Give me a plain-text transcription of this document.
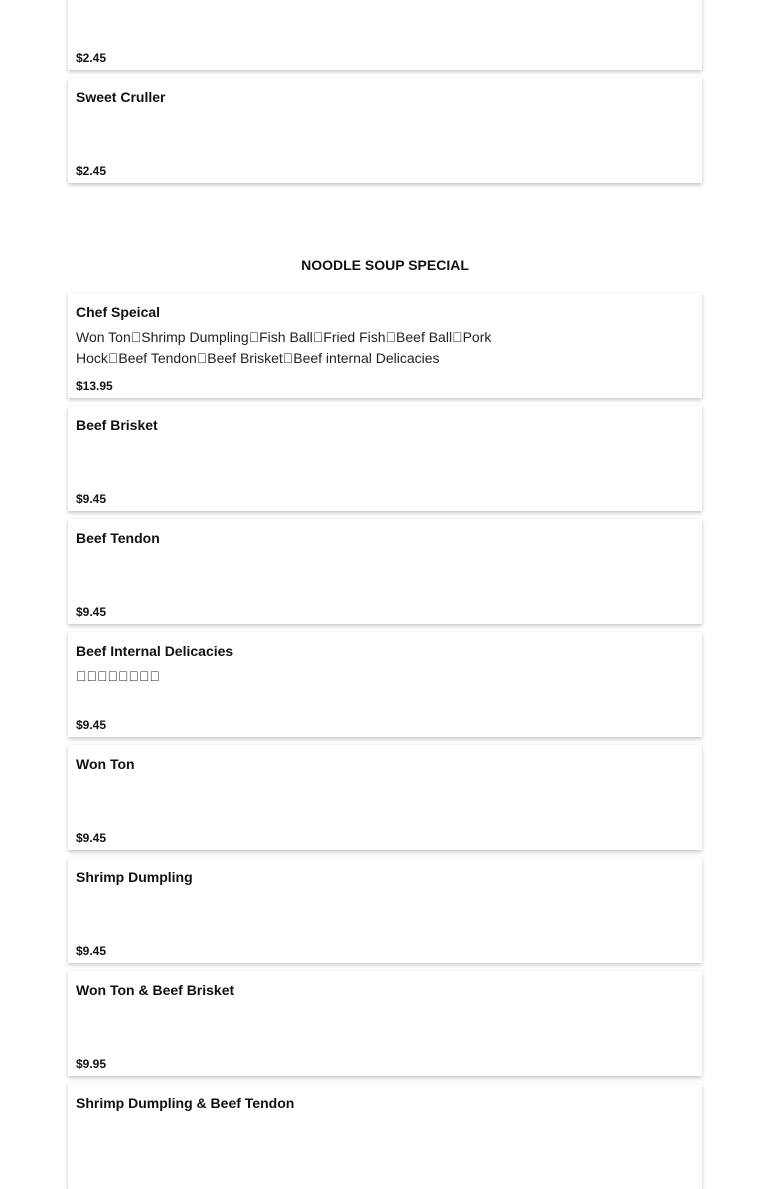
$2.45
Sweet Cruller
$2.45
NOODLE SOUP SPECIAL
Chef Speical
Won Ton Shrimp Dumpling Fish Ball Fried Fish Beef Ball Pork Hock Beef Tendon Beef Brisket Beef internal Delicacies
$13.95
Beef Brisket
$9.45
Beef Tendon
$9.45
Beef Internal Delicacies
        
$9.45
Won Ton
$9.45
Shrimp Dumpling
$9.45
Won Ton & Beef Brisket
$9.95
Shrimp Dumpling & Beef Tendon
